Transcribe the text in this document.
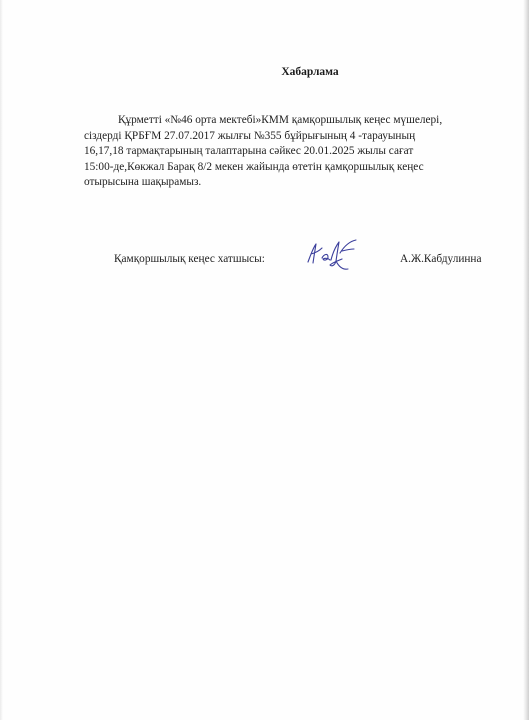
Хабарлама
Құрметті «№46 орта мектебі»КММ қамқоршылық кеңес мүшелері,
сіздерді ҚРБҒМ 27.07.2017 жылғы №355 бұйрығының 4 -тарауының
16,17,18 тармақтарының талаптарына сәйкес 20.01.2025 жылы сағат
15:00-де,Көкжал Барақ 8/2 мекен жайында өтетін қамқоршылық кеңес
отырысына шақырамыз.
Қамқоршылық кеңес хатшысы:	А.Ж.Кабдулинна
